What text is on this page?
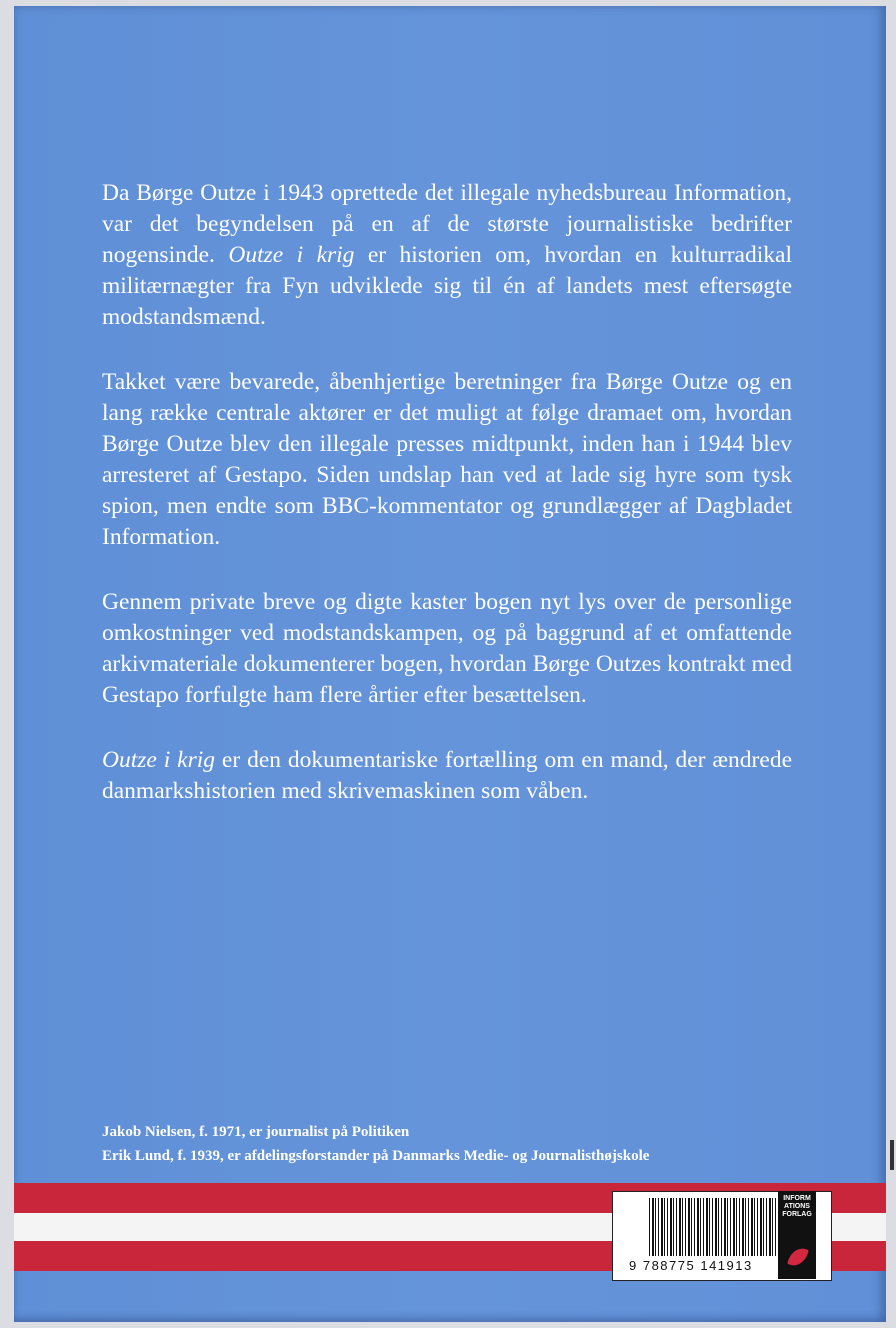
Da Børge Outze i 1943 oprettede det illegale nyhedsbureau Information, var det begyndelsen på en af de største journalistiske bedrifter nogensinde. Outze i krig er historien om, hvordan en kulturradikal militærnægter fra Fyn udviklede sig til én af landets mest eftersøgte modstandsmænd.

Takket være bevarede, åbenhjertige beretninger fra Børge Outze og en lang række centrale aktører er det muligt at følge dramaet om, hvordan Børge Outze blev den illegale presses midtpunkt, inden han i 1944 blev arresteret af Gestapo. Siden undslap han ved at lade sig hyre som tysk spion, men endte som BBC-kommentator og grundlægger af Dagbladet Information.

Gennem private breve og digte kaster bogen nyt lys over de personlige omkostninger ved modstandskampen, og på baggrund af et omfattende arkivmateriale dokumenterer bogen, hvordan Børge Outzes kontrakt med Gestapo forfulgte ham flere årtier efter besættelsen.

Outze i krig er den dokumentariske fortælling om en mand, der ændrede danmarkshistorien med skrivemaskinen som våben.

Jakob Nielsen, f. 1971, er journalist på Politiken
Erik Lund, f. 1939, er afdelingsforstander på Danmarks Medie- og Journalisthøjskole
9 788775 141913
INFORM ATIONS FORLAG
